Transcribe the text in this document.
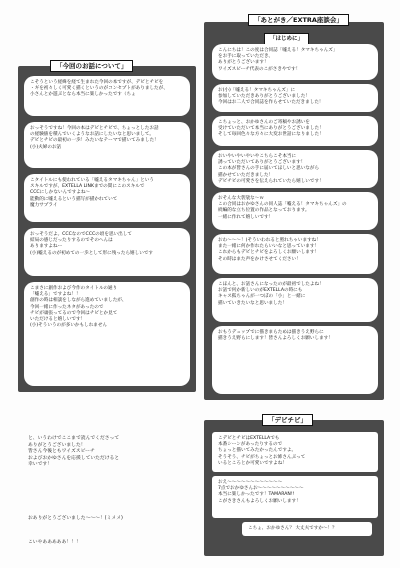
「今回のお話について」
こそうという経緯を経て生まれた今回の本ですが、デビとチビを
・ギを初々しく可愛く描くというのがコンセプトがありましたが、
小さんとか遊ぶとなら本当に楽しかったです（ちょ
おっそうですね！今回の本はデビとチビで、ちょっとしたお話
の経験値を積んでいくようなお話にしたいなと思いまして。
デビとチビの最初の一歩！みたいなテーマで描いてみました！
(小)夫婦のお話
こタイトルにも使われている「嘘えるタマキちゃん」という
スキルですが、EXTELLA LINKまでの間にこのスキルで
CCCにしかないんですよね〜
能動的に嘘えるという描写が描かれていて
魔力サプライ
おっそうだよ。CCCなのでCCCの頃を思い出して
結局の感じだったりするのでそのへんは
ありますよねー
(小)嘘えるのが初めての一歩として形に残ったら嬉しいです
こまさに創作および今作のタイトルの通り
「嘘える」ですよね！！
創作の時は相談をしながら進めていましたが、
今回一緒に作ったネタがあったので
チビが頑張ってるので今回はチビとか見て
いただけると嬉しいです！
(小)そういうのが多いかもしれません
「あとがき／EXTRA座談会」
「はじめに」
こんにちは！この度は合同誌「嘘える！タマキちゃんズ」
をお手に取っていただき、
ありがとうございます！
ワイズスピーチ代表のこがさきやです！
お(小)「嘘える！タマキちゃんズ」に
参加していただきありがとうございました！
今回はお二人で合同誌を作らせていただきました！
こちょっと、おかゆさんのご寄稿やお誘いを
受けていただいて本当にありがとうございました！
そして毎回色々な方々に大変お世話になりました！
おいやいやいやいやこちらこそ本当に
誘っていただいてありがとうございます！
この本が皆さんの手に届いてほしいと思いながら
描かせていただきました！
デビチビの可愛さを伝えられていたら嬉しいです！
おそんな大袈裟な〜ｗ
この合同はおかゆさんの同人誌「嘘える！タマキちゃんズ」の
続編的な立ち位置の作品となっております。
一緒に作れて嬉しいです！
おわ〜〜〜！(そういわれると照れちゃいますね！
また一緒に何か作れたらいいなと思っています！
これからもデビとチビをよろしくお願いします！
その時はまた声をかけさせてください！
こほんと、お話さんになったのが最初でしたよね！
お話で何か新しいのがEXTELLAの時にも
キャス狐ちゃんが一つぼの「小」と一緒に
描いていきたいなと思いました！
おもうデュップでに描きまらためは描きうえ野らに
描きうえ野らにします！皆さんよろしくお願いします！
「デビチビ」
こデビとチビはEXTELLAでも
本番シーンがあったりするので
ちょっと描いてみたかったんですよ。
そうそう、チビがちょっとお姉さんぶって
いるところとか可愛いですよね！
おえ〜〜〜〜〜〜〜〜〜〜〜〜
7点でおかゆさんお〜〜〜〜〜〜〜〜〜〜
本当に楽しかったです！TAMARAN!!
こがさきさんもよろしくお願いします！
こちょ、おかゆさん？ 大丈夫ですか〜！？
と、いうわけでここまで読んでくださって
ありがとうございました！
皆さん今後ともワイズスピーチ
およびおかゆさんを応援していただけると
幸いです！
おありがとうございました〜〜〜！(ミメメ)
こいやあああああ！！！
